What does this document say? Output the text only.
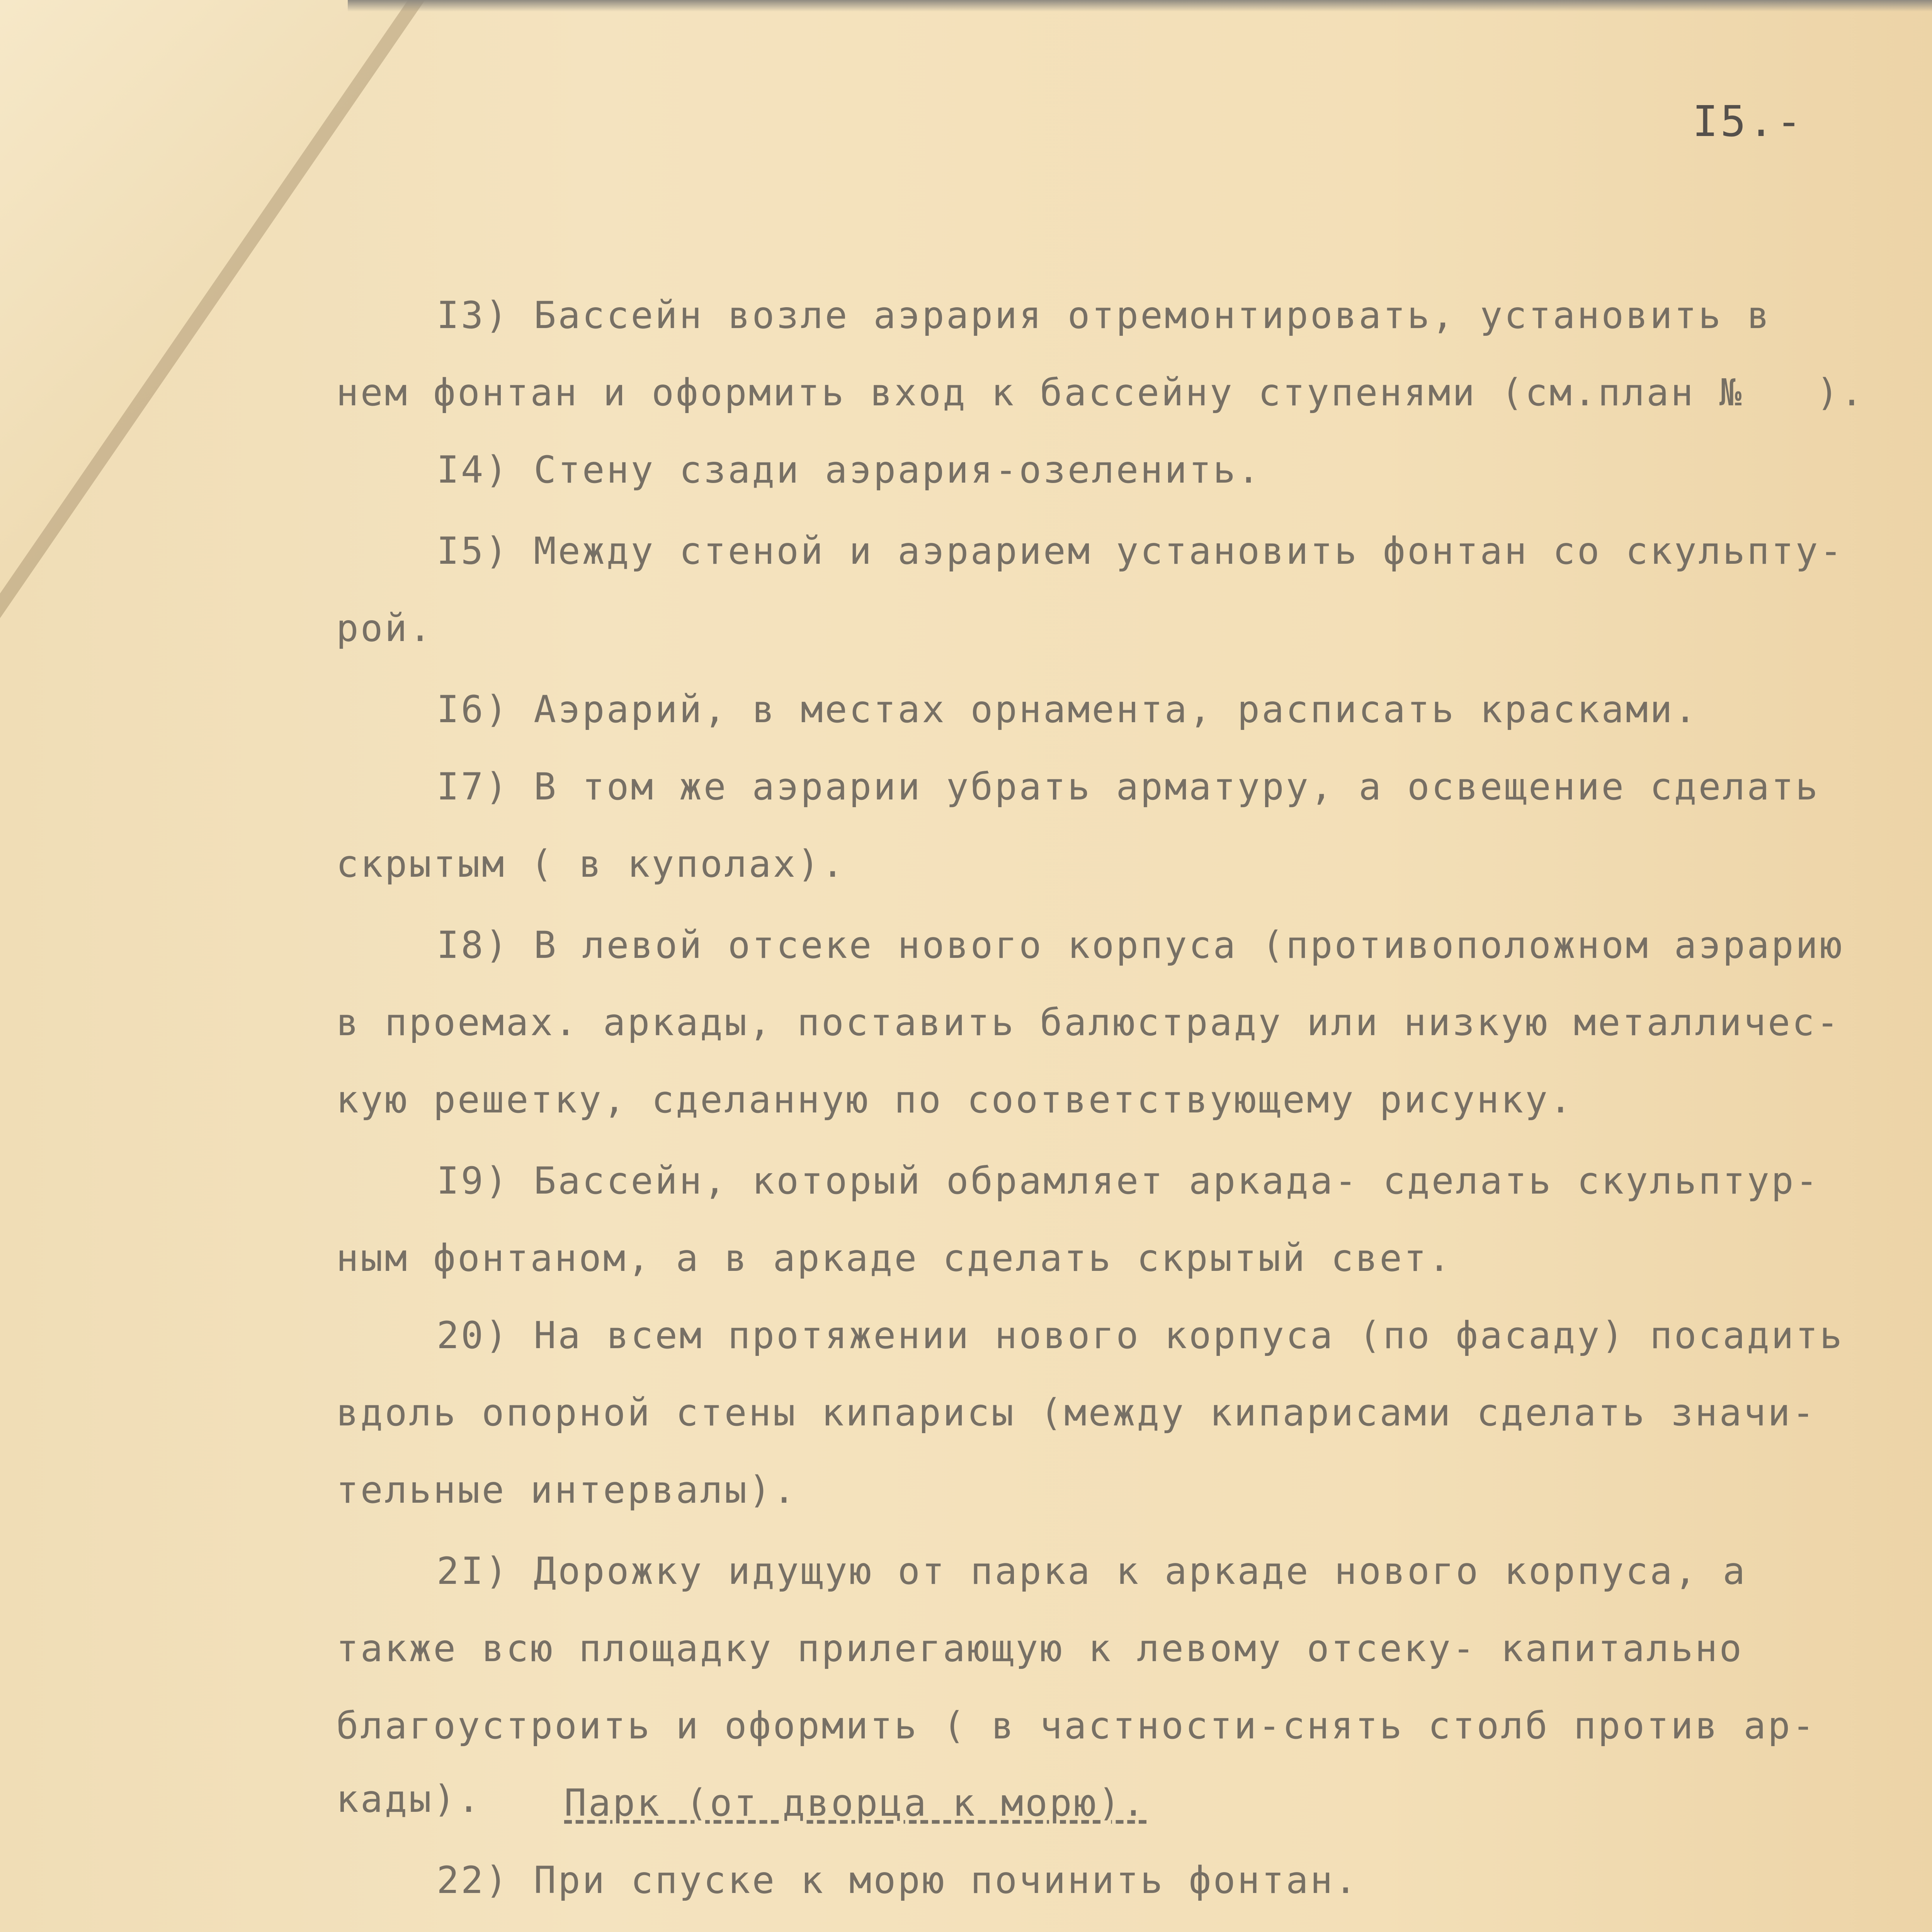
I5.-
I3) Бассейн возле аэрария отремонтировать, установить в
нем фонтан и оформить вход к бассейну ступенями (см.план №   ).
I4) Стену сзади аэрария-озеленить.
I5) Между стеной и аэрарием установить фонтан со скульпту-
рой.
I6) Аэрарий, в местах орнамента, расписать красками.
I7) В том же аэрарии убрать арматуру, а освещение сделать
скрытым ( в куполах).
I8) В левой отсеке нового корпуса (противоположном аэрарию
в проемах. аркады, поставить балюстраду или низкую металличес-
кую решетку, сделанную по соответствующему рисунку.
I9) Бассейн, который обрамляет аркада- сделать скульптур-
ным фонтаном, а в аркаде сделать скрытый свет.
20) На всем протяжении нового корпуса (по фасаду) посадить
вдоль опорной стены кипарисы (между кипарисами сделать значи-
тельные интервалы).
2I) Дорожку идущую от парка к аркаде нового корпуса, а
также всю площадку прилегающую к левому отсеку- капитально
благоустроить и оформить ( в частности-снять столб против ар-
кады). Парк (от дворца к морю).
22) При спуске к морю починить фонтан.
